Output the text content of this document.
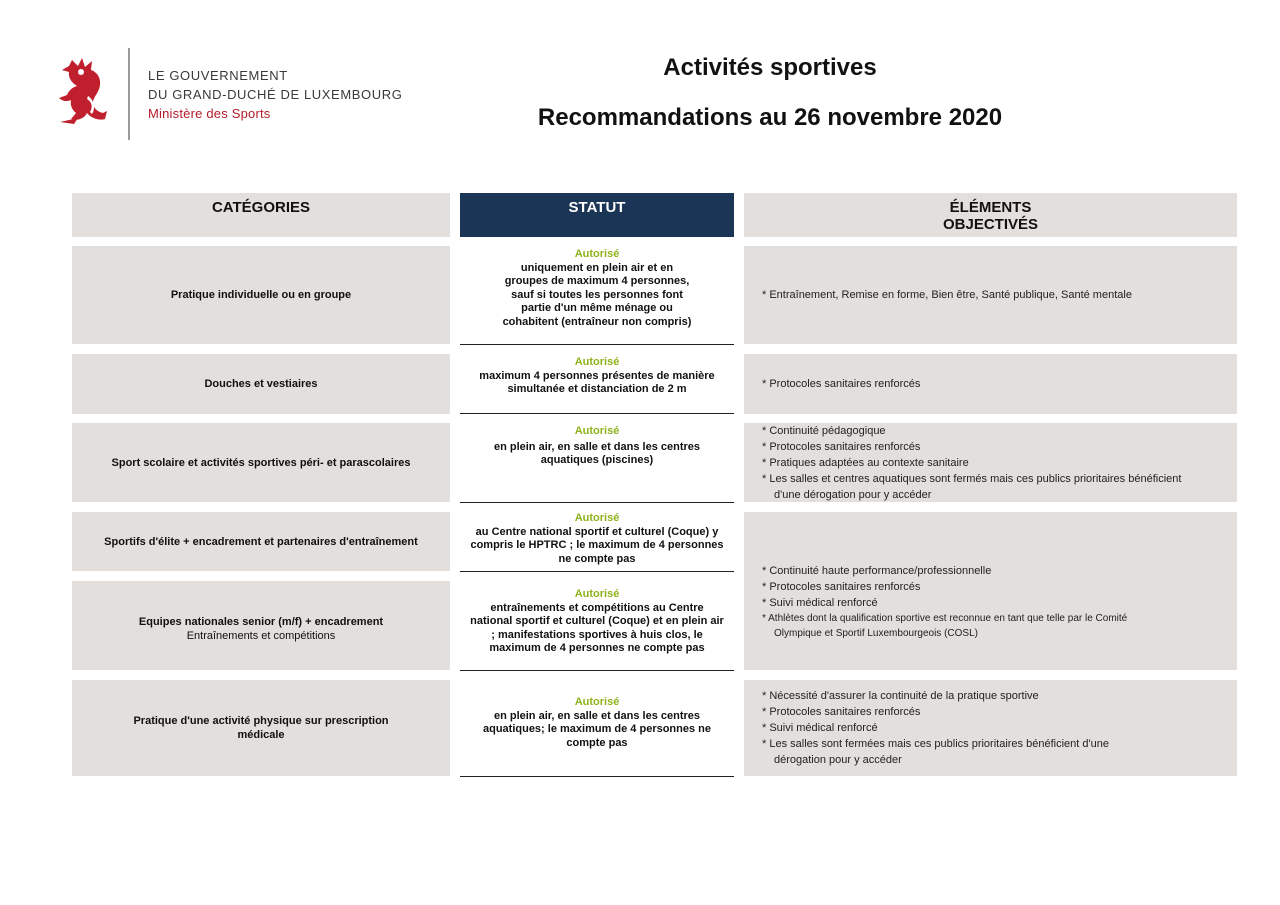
LE GOUVERNEMENT
DU GRAND-DUCHÉ DE LUXEMBOURG
Ministère des Sports
Activités sportives
Recommandations au 26 novembre 2020
CATÉGORIES	STATUT	ÉLÉMENTS
OBJECTIVÉS
Pratique individuelle ou en groupe
Autorisé
uniquement en plein air et en groupes de maximum 4 personnes, sauf si toutes les personnes font partie d'un même ménage ou cohabitent (entraîneur non compris)
* Entraînement, Remise en forme, Bien être, Santé publique, Santé mentale
Douches et vestiaires
Autorisé
maximum 4 personnes présentes de manière simultanée et distanciation de 2 m
*	Protocoles sanitaires renforcés
Sport scolaire et activités sportives péri- et parascolaires
Autorisé
en plein air, en salle et dans les centres aquatiques (piscines)
* Continuité pédagogique
* Protocoles sanitaires renforcés
* Pratiques adaptées au contexte sanitaire
* Les salles et centres aquatiques sont fermés mais ces publics prioritaires bénéficient d'une dérogation pour y accéder
Sportifs d'élite + encadrement et partenaires d'entraînement
Autorisé
au Centre national sportif et culturel (Coque) y compris le HPTRC ; le maximum de 4 personnes ne compte pas
Equipes nationales senior (m/f) + encadrement
Entraînements et compétitions
Autorisé
entraînements et compétitions au Centre national sportif et culturel (Coque) et en plein air ; manifestations sportives à huis clos, le maximum de 4 personnes ne compte pas
* Continuité haute performance/professionnelle
* Protocoles sanitaires renforcés
* Suivi médical renforcé
* Athlètes dont la qualification sportive est reconnue en tant que telle par le Comité Olympique et Sportif Luxembourgeois (COSL)
Pratique d'une activité physique sur prescription médicale
Autorisé
en plein air, en salle et dans les centres aquatiques; le maximum de 4 personnes ne compte pas
* Nécessité d'assurer la continuité de la pratique sportive
* Protocoles sanitaires renforcés
* Suivi médical renforcé
* Les salles sont fermées mais ces publics prioritaires bénéficient d'une dérogation pour y accéder
